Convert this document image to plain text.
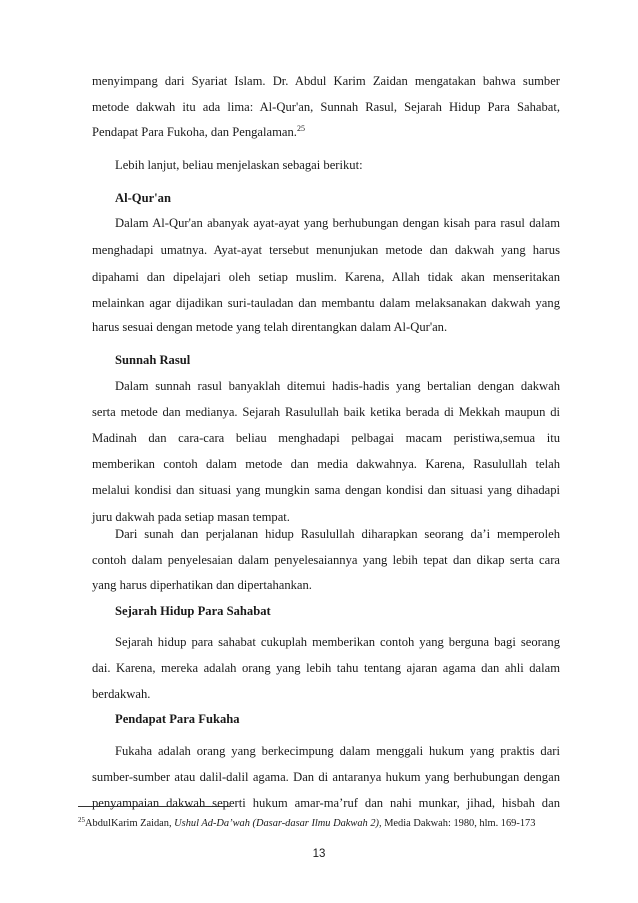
menyimpang dari Syariat Islam. Dr. Abdul Karim Zaidan mengatakan bahwa sumber
metode dakwah itu ada lima: Al-Qur'an, Sunnah Rasul, Sejarah Hidup Para Sahabat,
Pendapat Para Fukoha, dan Pengalaman.$^{25}$
Lebih lanjut, beliau menjelaskan sebagai berikut:
Al-Qur'an
Dalam Al-Qur'an abanyak ayat-ayat yang berhubungan dengan kisah para rasul dalam
menghadapi umatnya. Ayat-ayat tersebut menunjukan metode dan dakwah yang harus
dipahami dan dipelajari oleh setiap muslim. Karena, Allah tidak akan menseritakan
melainkan agar dijadikan suri-tauladan dan membantu dalam melaksanakan dakwah yang
harus sesuai dengan metode yang telah direntangkan dalam Al-Qur'an.
Sunnah Rasul
Dalam sunnah rasul banyaklah ditemui hadis-hadis yang bertalian dengan dakwah
serta metode dan medianya. Sejarah Rasulullah baik ketika berada di Mekkah maupun di
Madinah dan cara-cara beliau menghadapi pelbagai macam peristiwa,semua itu
memberikan contoh dalam metode dan media dakwahnya. Karena, Rasulullah telah
melalui kondisi dan situasi yang mungkin sama dengan kondisi dan situasi yang dihadapi
juru dakwah pada setiap masan tempat.
Dari sunah dan perjalanan hidup Rasulullah diharapkan seorang da’i memperoleh
contoh dalam penyelesaian dalam penyelesaiannya yang lebih tepat dan dikap serta cara
yang harus diperhatikan dan dipertahankan.
Sejarah Hidup Para Sahabat
Sejarah hidup para sahabat cukuplah memberikan contoh yang berguna bagi seorang
dai. Karena, mereka adalah orang yang lebih tahu tentang ajaran agama dan ahli dalam
berdakwah.
Pendapat Para Fukaha
Fukaha adalah orang yang berkecimpung dalam menggali hukum yang praktis dari
sumber-sumber atau dalil-dalil agama. Dan di antaranya hukum yang berhubungan dengan
penyampaian dakwah seperti hukum amar-ma’ruf dan nahi munkar, jihad, hisbah dan
$^{25}$AbdulKarim Zaidan, Ushul Ad-Da’wah (Dasar-dasar Ilmu Dakwah 2), Media Dakwah: 1980, hlm. 169-173
13
